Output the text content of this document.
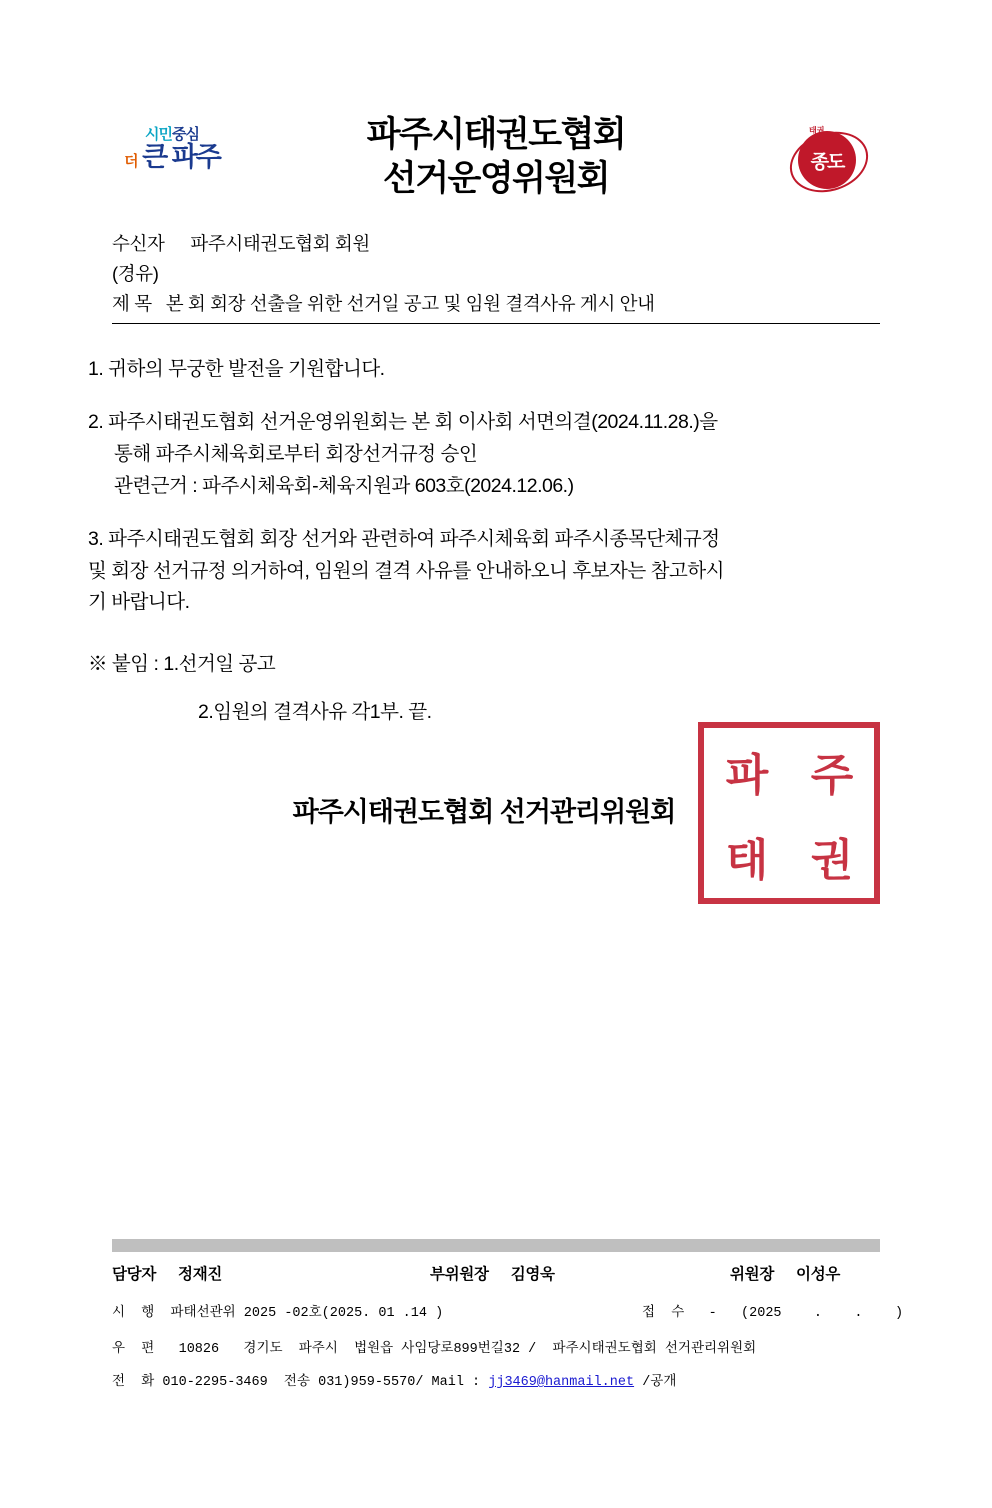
시민중심
더 큰 파주
파주시태권도협회
선거운영위원회	종도
태권
수신자 파주시태권도협회 회원
(경유)
제 목 본 회 회장 선출을 위한 선거일 공고 및 임원 결격사유 게시 안내
1. 귀하의 무궁한 발전을 기원합니다.
2. 파주시태권도협회 선거운영위원회는 본 회 이사회 서면의결(2024.11.28.)을
통해 파주시체육회로부터 회장선거규정 승인
관련근거 : 파주시체육회-체육지원과 603호(2024.12.06.)
3. 파주시태권도협회 회장 선거와 관련하여 파주시체육회 파주시종목단체규정
및 회장 선거규정 의거하여, 임원의 결격 사유를 안내하오니 후보자는 참고하시
기 바랍니다.
※ 붙임 : 1.선거일 공고
2.임원의 결격사유 각1부. 끝.
파주시태권도협회 선거관리위원회
파 주
태 권
담당자 정재진	부위원장 김영욱	위원장 이성우
시  행 파태선관위 2025 -02호(2025. 01 .14 )	접  수 -   (2025    .    .    )
우  편 10826   경기도  파주시  법원읍 사임당로899번길32 /  파주시태권도협회 선거관리위원회
전  화 010-2295-3469  전송 031)959-5570/ Mail : jj3469@hanmail.net /공개
